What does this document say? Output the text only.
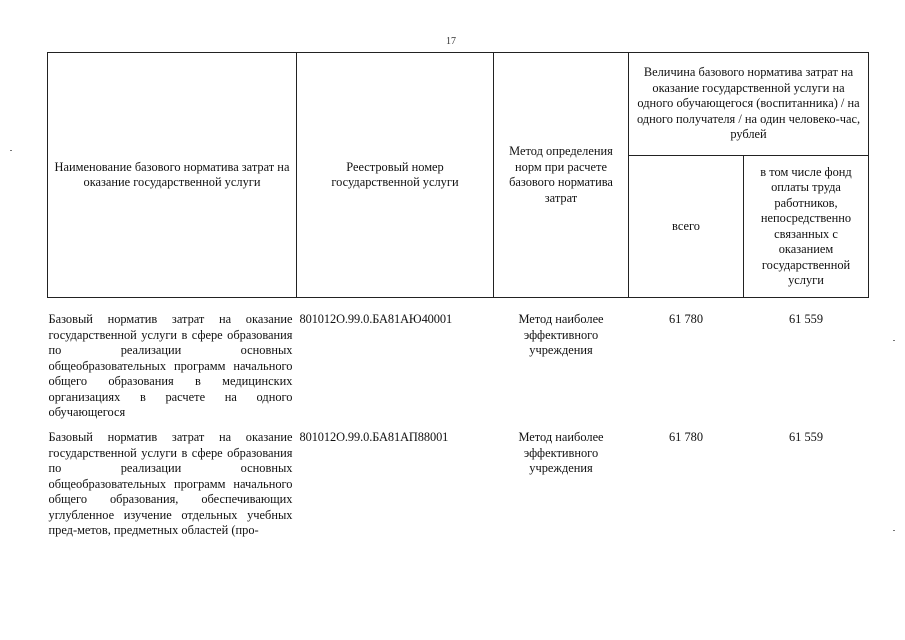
17
Наименование базового норматива затрат на оказание государственной услуги	Реестровый номер государственной услуги	Метод определения норм при расчете базового норматива затрат	Величина базового норматива затрат на оказание государственной услуги на одного обучающегося (воспитанника) / на одного получателя / на один человеко-час, рублей	
			всего	в том числе фонд оплаты труда работников, непосредственно связанных с оказанием государственной услуги

Базовый норматив затрат на оказание государственной услуги в сфере образования по реализации основных общеобразовательных программ начального общего образования в медицинских организациях в расчете на одного обучающегося	801012О.99.0.БА81АЮ40001	Метод наиболее эффективного учреждения	61 780	61 559
Базовый норматив затрат на оказание государственной услуги в сфере образования по реализации основных общеобразовательных программ начального общего образования, обеспечивающих углубленное изучение отдельных учебных пред-метов, предметных областей (про-	801012О.99.0.БА81АП88001	Метод наиболее эффективного учреждения	61 780	61 559
